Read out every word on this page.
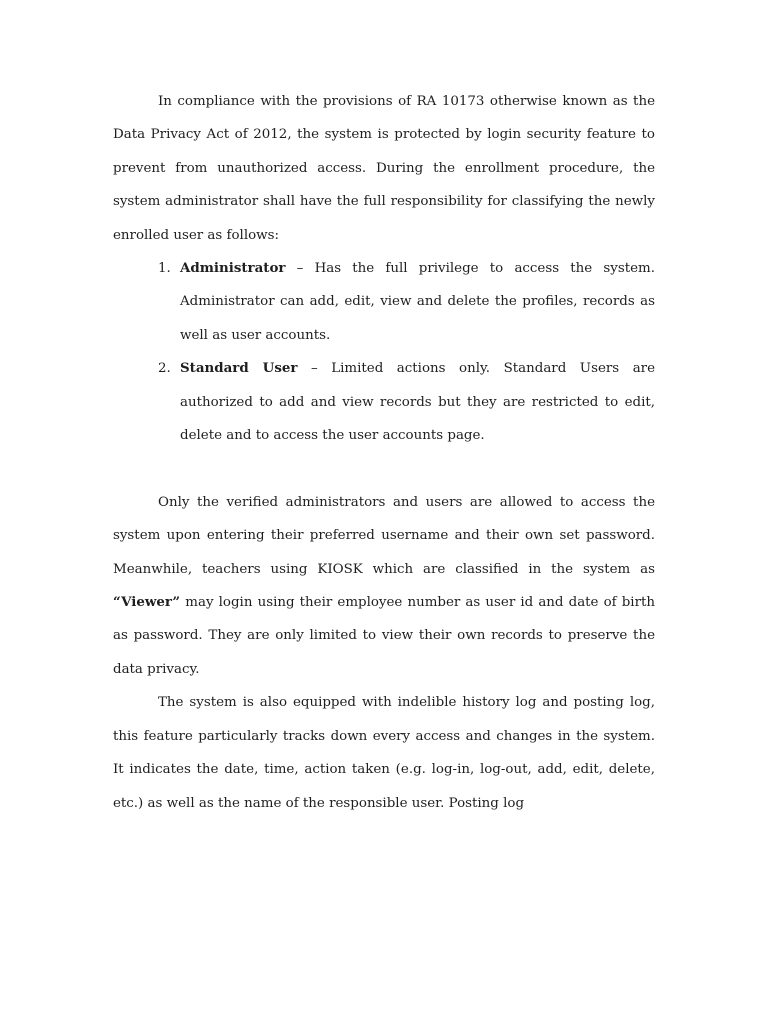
In compliance with the provisions of RA 10173 otherwise known as the Data Privacy Act of 2012, the system is protected by login security feature to prevent from unauthorized access. During the enrollment procedure, the system administrator shall have the full responsibility for classifying the newly enrolled user as follows:

1. Administrator – Has the full privilege to access the system. Administrator can add, edit, view and delete the profiles, records as well as user accounts.
2. Standard User – Limited actions only. Standard Users are authorized to add and view records but they are restricted to edit, delete and to access the user accounts page.

Only the verified administrators and users are allowed to access the system upon entering their preferred username and their own set password. Meanwhile, teachers using KIOSK which are classified in the system as “Viewer” may login using their employee number as user id and date of birth as password. They are only limited to view their own records to preserve the data privacy.

The system is also equipped with indelible history log and posting log, this feature particularly tracks down every access and changes in the system. It indicates the date, time, action taken (e.g. log-in, log-out, add, edit, delete, etc.) as well as the name of the responsible user. Posting log
